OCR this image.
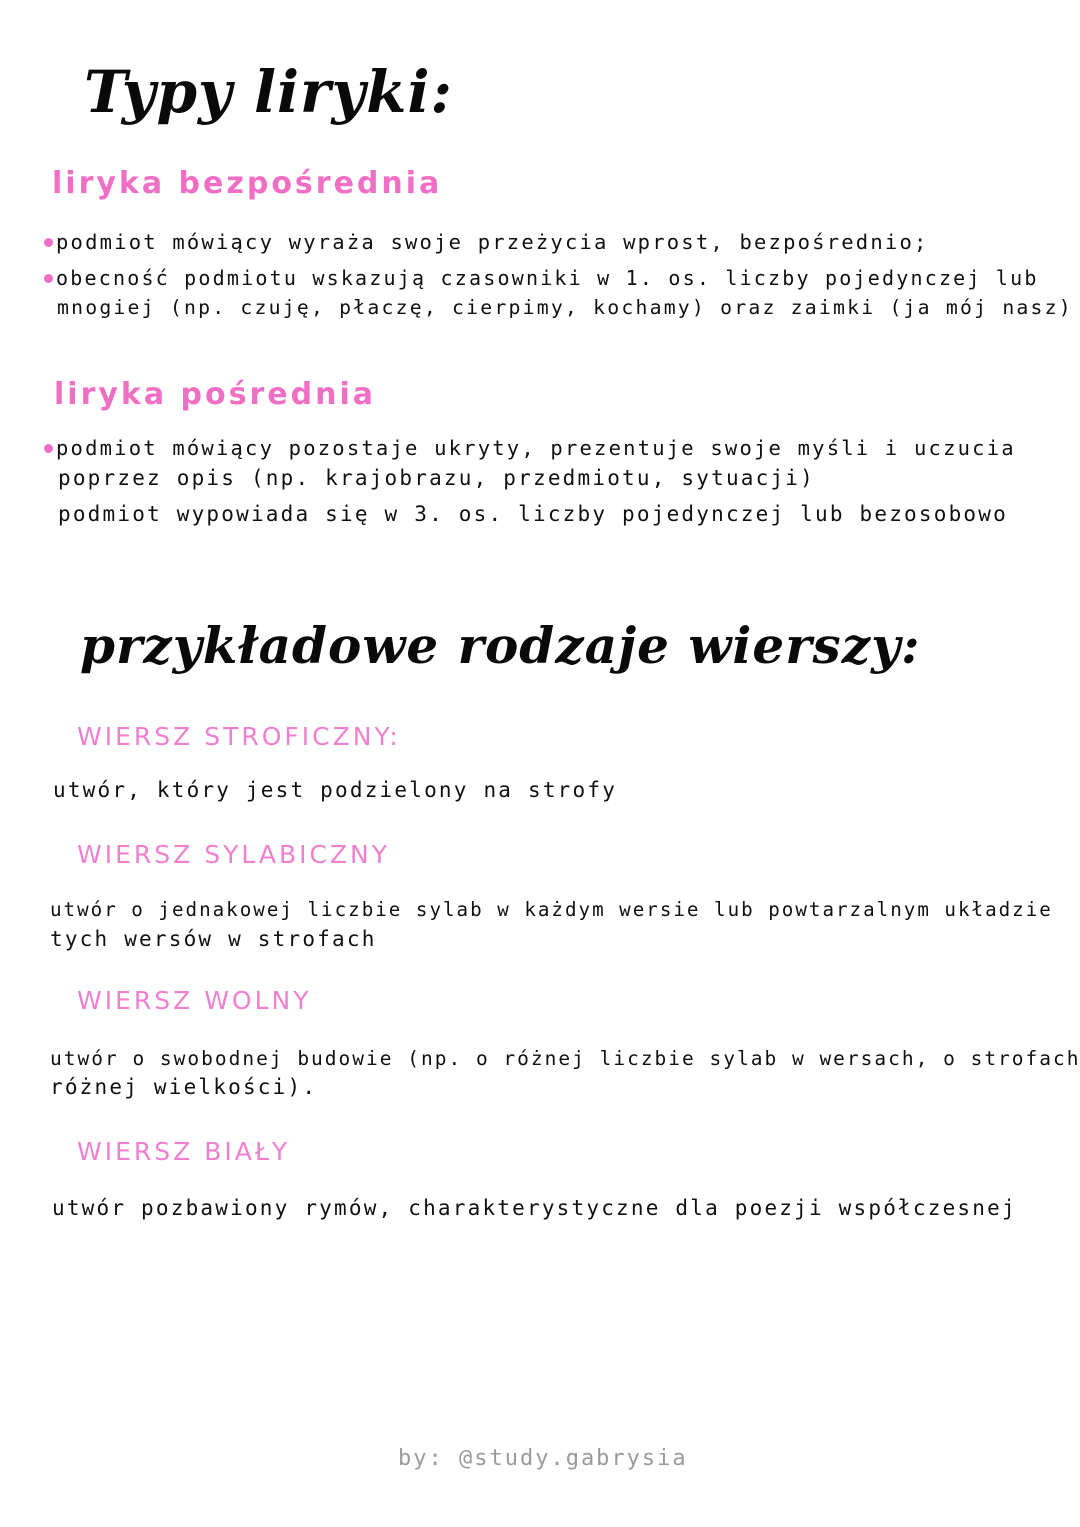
Typy liryki:
liryka bezpośrednia
podmiot mówiący wyraża swoje przeżycia wprost, bezpośrednio;
obecność podmiotu wskazują czasowniki w 1. os. liczby pojedynczej lub
mnogiej (np. czuję, płaczę, cierpimy, kochamy) oraz zaimki (ja mój nasz)
liryka pośrednia
podmiot mówiący pozostaje ukryty, prezentuje swoje myśli i uczucia
poprzez opis (np. krajobrazu, przedmiotu, sytuacji)
podmiot wypowiada się w 3. os. liczby pojedynczej lub bezosobowo
przykładowe rodzaje wierszy:
WIERSZ STROFICZNY:
utwór, który jest podzielony na strofy
WIERSZ SYLABICZNY
utwór o jednakowej liczbie sylab w każdym wersie lub powtarzalnym układzie
tych wersów w strofach
WIERSZ WOLNY
utwór o swobodnej budowie (np. o różnej liczbie sylab w wersach, o strofach
różnej wielkości).
WIERSZ BIAŁY
utwór pozbawiony rymów, charakterystyczne dla poezji współczesnej
by: @study.gabrysia
